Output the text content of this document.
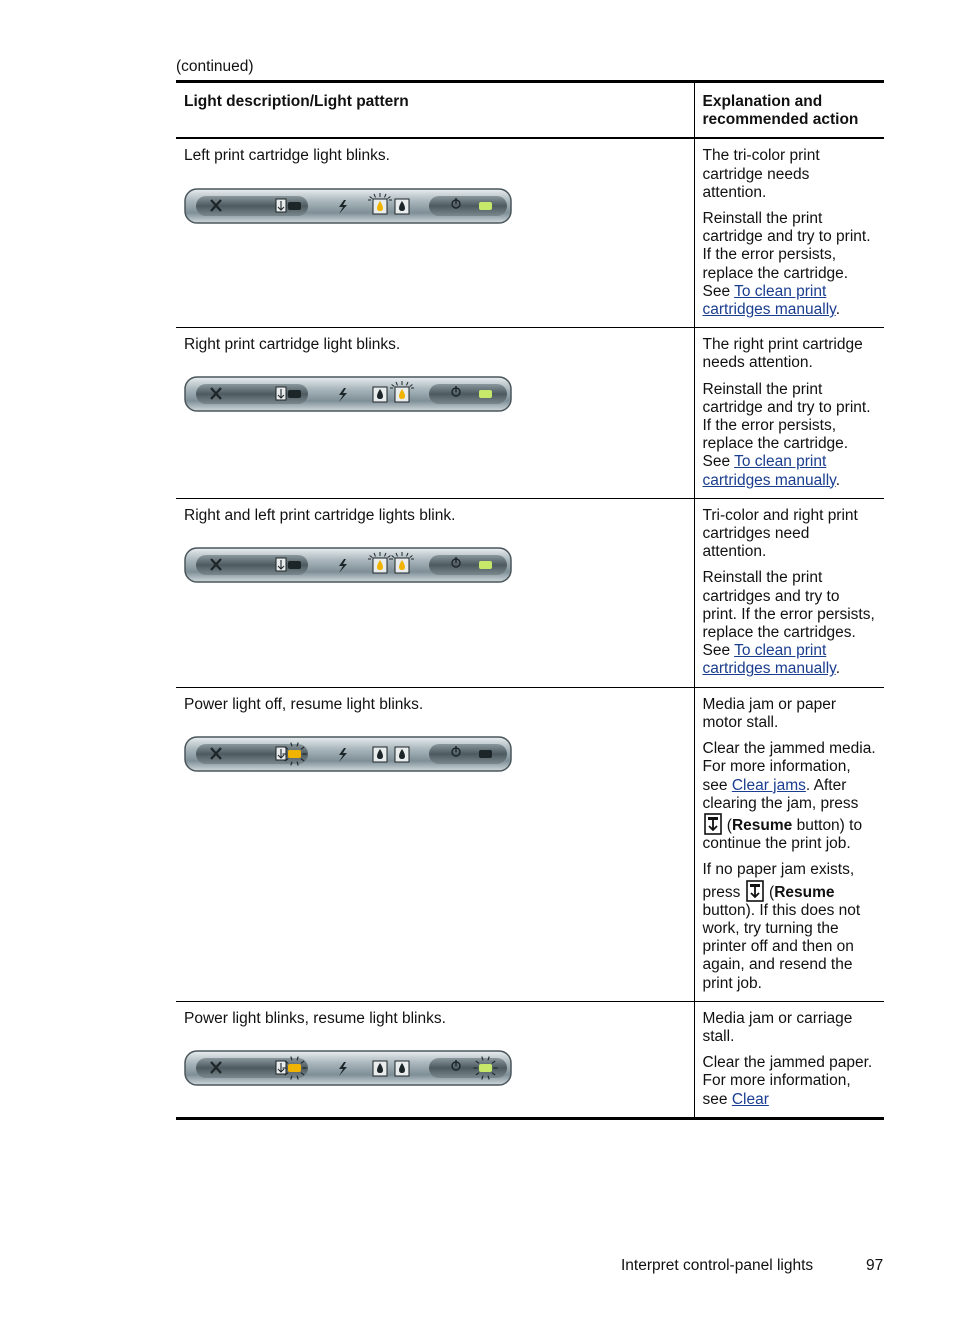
(continued)
Light description/Light pattern	Explanation and recommended action

Left print cartridge light blinks.	The tri-color print cartridge needs attention.

Reinstall the print cartridge and try to print. If the error persists, replace the cartridge. See To clean print cartridges manually.

Right print cartridge light blinks.	The right print cartridge needs attention.

Reinstall the print cartridge and try to print. If the error persists, replace the cartridge. See To clean print cartridges manually.

Right and left print cartridge lights blink.	Tri-color and right print cartridges need attention.

Reinstall the print cartridges and try to print. If the error persists, replace the cartridges. See To clean print cartridges manually.

Power light off, resume light blinks.	Media jam or paper motor stall.

Clear the jammed media. For more information, see Clear jams. After clearing the jam, press  (Resume button) to continue the print job.

If no paper jam exists, press  (Resume button). If this does not work, try turning the printer off and then on again, and resend the print job.

Power light blinks, resume light blinks.	Media jam or carriage stall.

Clear the jammed paper. For more information, see Clear

Interpret control-panel lights	97
